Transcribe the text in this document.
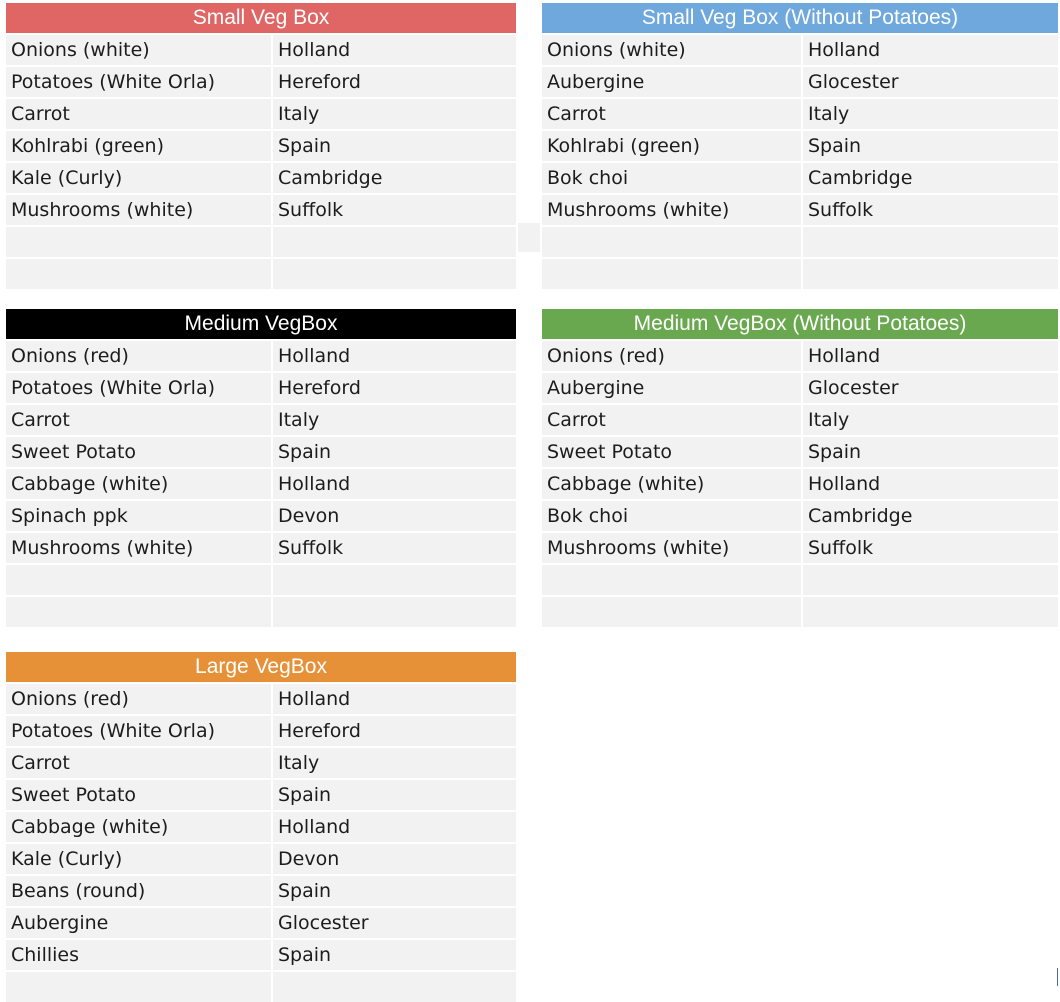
Small Veg Box
Onions (white)	Holland
Potatoes (White Orla)	Hereford
Carrot	Italy
Kohlrabi (green)	Spain
Kale (Curly)	Cambridge
Mushrooms (white)	Suffolk
Small Veg Box (Without Potatoes)
Onions (white)	Holland
Aubergine	Glocester
Carrot	Italy
Kohlrabi (green)	Spain
Bok choi	Cambridge
Mushrooms (white)	Suffolk
Medium VegBox
Onions (red)	Holland
Potatoes (White Orla)	Hereford
Carrot	Italy
Sweet Potato	Spain
Cabbage (white)	Holland
Spinach ppk	Devon
Mushrooms (white)	Suffolk
Medium VegBox (Without Potatoes)
Onions (red)	Holland
Aubergine	Glocester
Carrot	Italy
Sweet Potato	Spain
Cabbage (white)	Holland
Bok choi	Cambridge
Mushrooms (white)	Suffolk
Large VegBox
Onions (red)	Holland
Potatoes (White Orla)	Hereford
Carrot	Italy
Sweet Potato	Spain
Cabbage (white)	Holland
Kale (Curly)	Devon
Beans (round)	Spain
Aubergine	Glocester
Chillies	Spain
